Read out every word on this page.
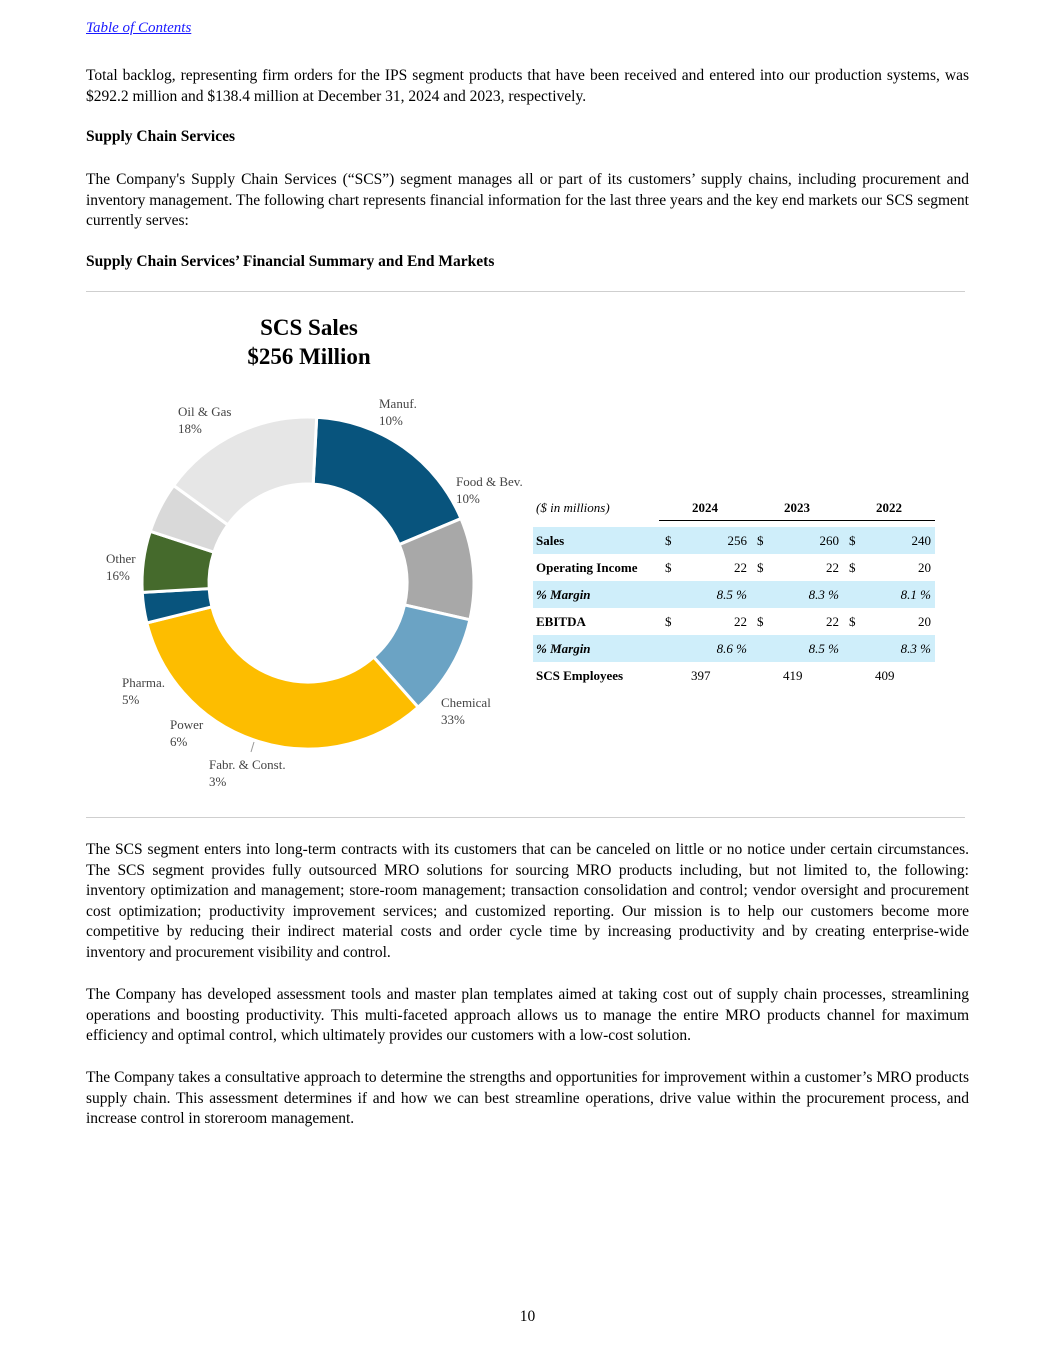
Table of Contents

Total backlog, representing firm orders for the IPS segment products that have been received and entered into our production systems, was $292.2 million and $138.4 million at December 31, 2024 and 2023, respectively.

Supply Chain Services

The Company's Supply Chain Services (“SCS”) segment manages all or part of its customers’ supply chains, including procurement and inventory management. The following chart represents financial information for the last three years and the key end markets our SCS segment currently serves:

Supply Chain Services’ Financial Summary and End Markets

SCS Sales
$256 Million
Oil & Gas
18%
Manuf.
10%
Food & Bev.
10%
Chemical
33%
Fabr. & Const.
3%
Power
6%
Pharma.
5%
Other
16%
($ in millions)	2024		2023		2022	

Sales	$	256	$	260	$	240
Operating Income	$	22	$	22	$	20
% Margin		8.5 %		8.3 %		8.1 %
EBITDA	$	22	$	22	$	20
% Margin		8.6 %		8.5 %		8.3 %
SCS Employees		397		419		409

The SCS segment enters into long-term contracts with its customers that can be canceled on little or no notice under certain circumstances. The SCS segment provides fully outsourced MRO solutions for sourcing MRO products including, but not limited to, the following: inventory optimization and management; store-room management; transaction consolidation and control; vendor oversight and procurement cost optimization; productivity improvement services; and customized reporting. Our mission is to help our customers become more competitive by reducing their indirect material costs and order cycle time by increasing productivity and by creating enterprise-wide inventory and procurement visibility and control.

The Company has developed assessment tools and master plan templates aimed at taking cost out of supply chain processes, streamlining operations and boosting productivity. This multi-faceted approach allows us to manage the entire MRO products channel for maximum efficiency and optimal control, which ultimately provides our customers with a low-cost solution.

The Company takes a consultative approach to determine the strengths and opportunities for improvement within a customer’s MRO products supply chain. This assessment determines if and how we can best streamline operations, drive value within the procurement process, and increase control in storeroom management.

10
